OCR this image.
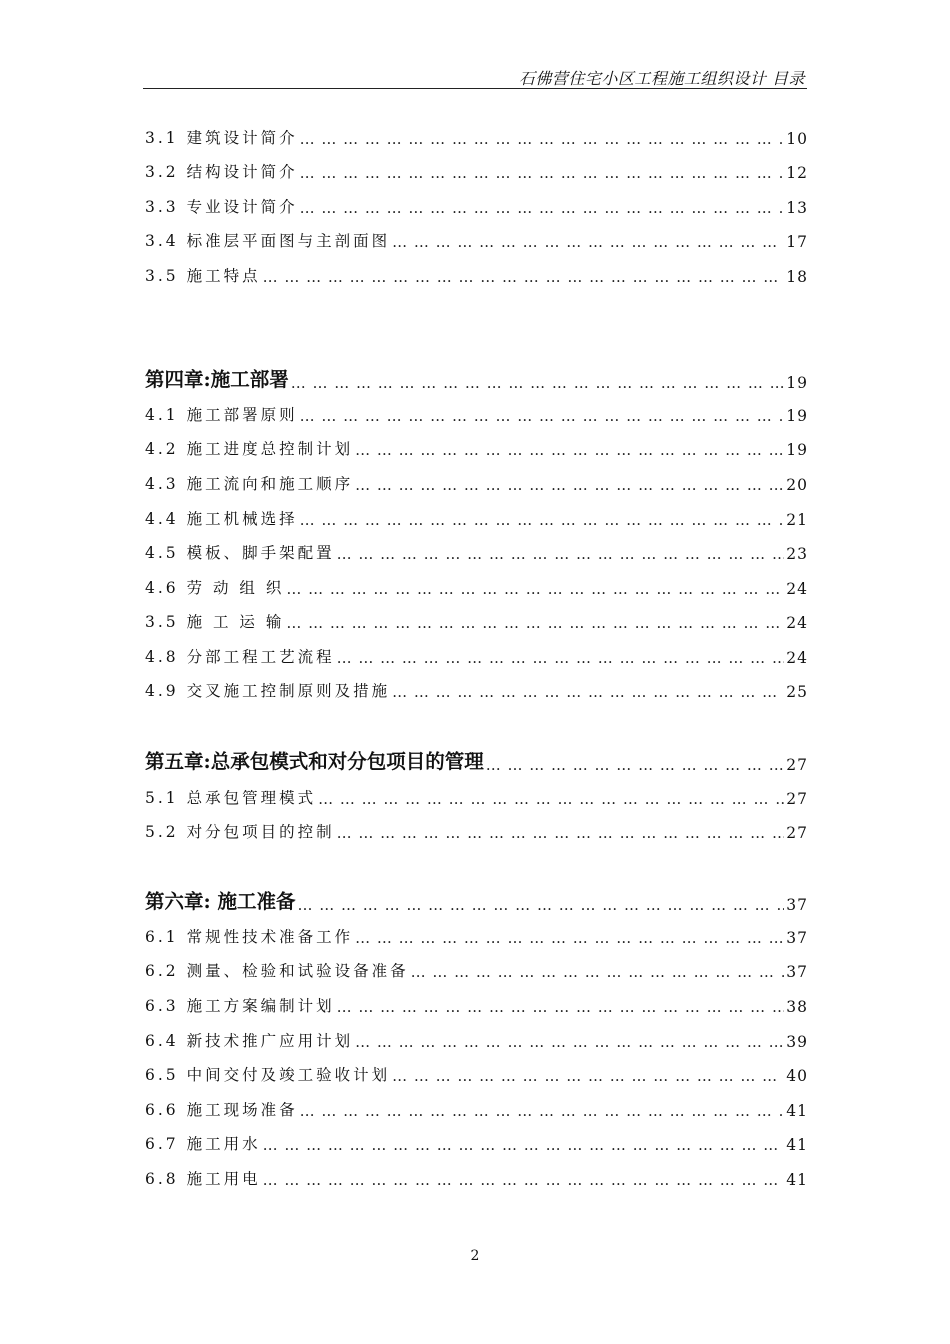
石佛营住宅小区工程施工组织设计 目录
3.1 建筑设计简介 … … … … … … … … … … … … … … … … … … … … … … … … … … … … … … … … … … … … … … … … … … … … … … … … … … … … … … … … … … … …	10
3.2 结构设计简介 … … … … … … … … … … … … … … … … … … … … … … … … … … … … … … … … … … … … … … … … … … … … … … … … … … … … … … … … … … … …	12
3.3 专业设计简介 … … … … … … … … … … … … … … … … … … … … … … … … … … … … … … … … … … … … … … … … … … … … … … … … … … … … … … … … … … … …	13
3.4 标准层平面图与主剖面图 … … … … … … … … … … … … … … … … … … … … … … … … … … … … … … … … … … … … … … … … … … … … … … … … … … … … … … … … … … … …	17
3.5 施工特点 … … … … … … … … … … … … … … … … … … … … … … … … … … … … … … … … … … … … … … … … … … … … … … … … … … … … … … … … … … … …	18
第四章:施工部署 … … … … … … … … … … … … … … … … … … … … … … … … … … … … … … … … … … … … … … … … … … … … … … … … … … … … … … … … … … … …	19
4.1 施工部署原则 … … … … … … … … … … … … … … … … … … … … … … … … … … … … … … … … … … … … … … … … … … … … … … … … … … … … … … … … … … … …	19
4.2 施工进度总控制计划 … … … … … … … … … … … … … … … … … … … … … … … … … … … … … … … … … … … … … … … … … … … … … … … … … … … … … … … … … … … …	19
4.3 施工流向和施工顺序 … … … … … … … … … … … … … … … … … … … … … … … … … … … … … … … … … … … … … … … … … … … … … … … … … … … … … … … … … … … …	20
4.4 施工机械选择 … … … … … … … … … … … … … … … … … … … … … … … … … … … … … … … … … … … … … … … … … … … … … … … … … … … … … … … … … … … …	21
4.5 模板、脚手架配置 … … … … … … … … … … … … … … … … … … … … … … … … … … … … … … … … … … … … … … … … … … … … … … … … … … … … … … … … … … … …	23
4.6 劳 动 组 织 … … … … … … … … … … … … … … … … … … … … … … … … … … … … … … … … … … … … … … … … … … … … … … … … … … … … … … … … … … … …	24
3.5 施 工 运 输 … … … … … … … … … … … … … … … … … … … … … … … … … … … … … … … … … … … … … … … … … … … … … … … … … … … … … … … … … … … …	24
4.8 分部工程工艺流程 … … … … … … … … … … … … … … … … … … … … … … … … … … … … … … … … … … … … … … … … … … … … … … … … … … … … … … … … … … … …	24
4.9 交叉施工控制原则及措施 … … … … … … … … … … … … … … … … … … … … … … … … … … … … … … … … … … … … … … … … … … … … … … … … … … … … … … … … … … … …	25
第五章:总承包模式和对分包项目的管理 … … … … … … … … … … … … … … … … … … … … … … … … … … … … … … … … … … … … … … … … … … … … … … … … … … … … … … … … … … … …	27
5.1 总承包管理模式 … … … … … … … … … … … … … … … … … … … … … … … … … … … … … … … … … … … … … … … … … … … … … … … … … … … … … … … … … … … …	27
5.2 对分包项目的控制 … … … … … … … … … … … … … … … … … … … … … … … … … … … … … … … … … … … … … … … … … … … … … … … … … … … … … … … … … … … …	27
第六章: 施工准备 … … … … … … … … … … … … … … … … … … … … … … … … … … … … … … … … … … … … … … … … … … … … … … … … … … … … … … … … … … … …	37
6.1 常规性技术准备工作 … … … … … … … … … … … … … … … … … … … … … … … … … … … … … … … … … … … … … … … … … … … … … … … … … … … … … … … … … … … …	37
6.2 测量、检验和试验设备准备 … … … … … … … … … … … … … … … … … … … … … … … … … … … … … … … … … … … … … … … … … … … … … … … … … … … … … … … … … … … …	37
6.3 施工方案编制计划 … … … … … … … … … … … … … … … … … … … … … … … … … … … … … … … … … … … … … … … … … … … … … … … … … … … … … … … … … … … …	38
6.4 新技术推广应用计划 … … … … … … … … … … … … … … … … … … … … … … … … … … … … … … … … … … … … … … … … … … … … … … … … … … … … … … … … … … … …	39
6.5 中间交付及竣工验收计划 … … … … … … … … … … … … … … … … … … … … … … … … … … … … … … … … … … … … … … … … … … … … … … … … … … … … … … … … … … … …	40
6.6 施工现场准备 … … … … … … … … … … … … … … … … … … … … … … … … … … … … … … … … … … … … … … … … … … … … … … … … … … … … … … … … … … … …	41
6.7 施工用水 … … … … … … … … … … … … … … … … … … … … … … … … … … … … … … … … … … … … … … … … … … … … … … … … … … … … … … … … … … … …	41
6.8 施工用电 … … … … … … … … … … … … … … … … … … … … … … … … … … … … … … … … … … … … … … … … … … … … … … … … … … … … … … … … … … … …	41
2
